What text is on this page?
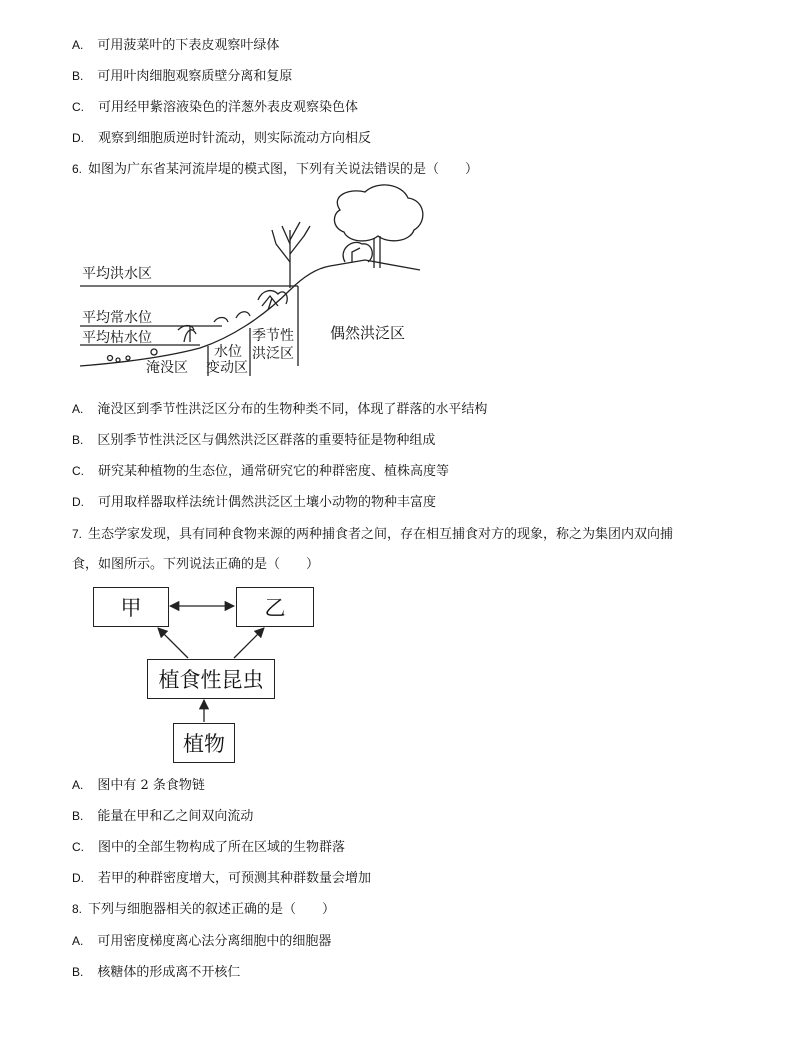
A. 可用菠菜叶的下表皮观察叶绿体
B. 可用叶肉细胞观察质壁分离和复原
C. 可用经甲紫溶液染色的洋葱外表皮观察染色体
D. 观察到细胞质逆时针流动，则实际流动方向相反
6. 如图为广东省某河流岸堤的模式图，下列有关说法错误的是（　　）
平均洪水区
平均常水位
平均枯水位
淹没区
水位
变动区
季节性
洪泛区
偶然洪泛区
A. 淹没区到季节性洪泛区分布的生物种类不同，体现了群落的水平结构
B. 区别季节性洪泛区与偶然洪泛区群落的重要特征是物种组成
C. 研究某种植物的生态位，通常研究它的种群密度、植株高度等
D. 可用取样器取样法统计偶然洪泛区土壤小动物的物种丰富度
7. 生态学家发现，具有同种食物来源的两种捕食者之间，存在相互捕食对方的现象，称之为集团内双向捕
食，如图所示。下列说法正确的是（　　）
甲	乙
植食性昆虫
植物
A. 图中有 2 条食物链
B. 能量在甲和乙之间双向流动
C. 图中的全部生物构成了所在区域的生物群落
D. 若甲的种群密度增大，可预测其种群数量会增加
8. 下列与细胞器相关的叙述正确的是（　　）
A. 可用密度梯度离心法分离细胞中的细胞器
B. 核糖体的形成离不开核仁
